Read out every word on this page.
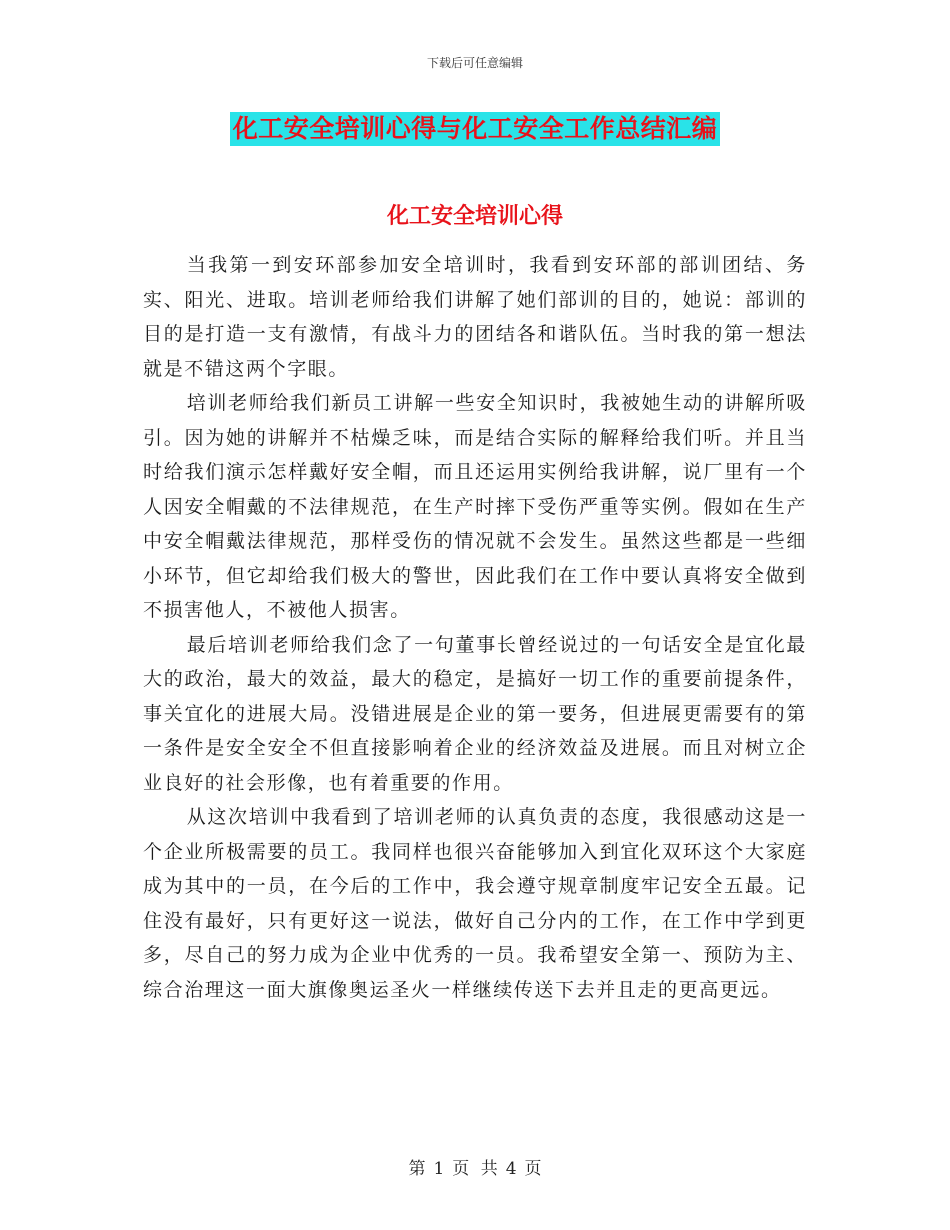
下载后可任意编辑
化工安全培训心得与化工安全工作总结汇编
化工安全培训心得

当我第一到安环部参加安全培训时，我看到安环部的部训团结、务实、阳光、进取。培训老师给我们讲解了她们部训的目的，她说：部训的目的是打造一支有激情，有战斗力的团结各和谐队伍。当时我的第一想法就是不错这两个字眼。

培训老师给我们新员工讲解一些安全知识时，我被她生动的讲解所吸引。因为她的讲解并不枯燥乏味，而是结合实际的解释给我们听。并且当时给我们演示怎样戴好安全帽，而且还运用实例给我讲解，说厂里有一个人因安全帽戴的不法律规范，在生产时摔下受伤严重等实例。假如在生产中安全帽戴法律规范，那样受伤的情况就不会发生。虽然这些都是一些细小环节，但它却给我们极大的警世，因此我们在工作中要认真将安全做到不损害他人，不被他人损害。

最后培训老师给我们念了一句董事长曾经说过的一句话安全是宜化最大的政治，最大的效益，最大的稳定，是搞好一切工作的重要前提条件，事关宜化的进展大局。没错进展是企业的第一要务，但进展更需要有的第一条件是安全安全不但直接影响着企业的经济效益及进展。而且对树立企业良好的社会形像，也有着重要的作用。

从这次培训中我看到了培训老师的认真负责的态度，我很感动这是一个企业所极需要的员工。我同样也很兴奋能够加入到宜化双环这个大家庭成为其中的一员，在今后的工作中，我会遵守规章制度牢记安全五最。记住没有最好，只有更好这一说法，做好自己分内的工作，在工作中学到更多，尽自己的努力成为企业中优秀的一员。我希望安全第一、预防为主、综合治理这一面大旗像奥运圣火一样继续传送下去并且走的更高更远。

第 1 页 共 4 页
